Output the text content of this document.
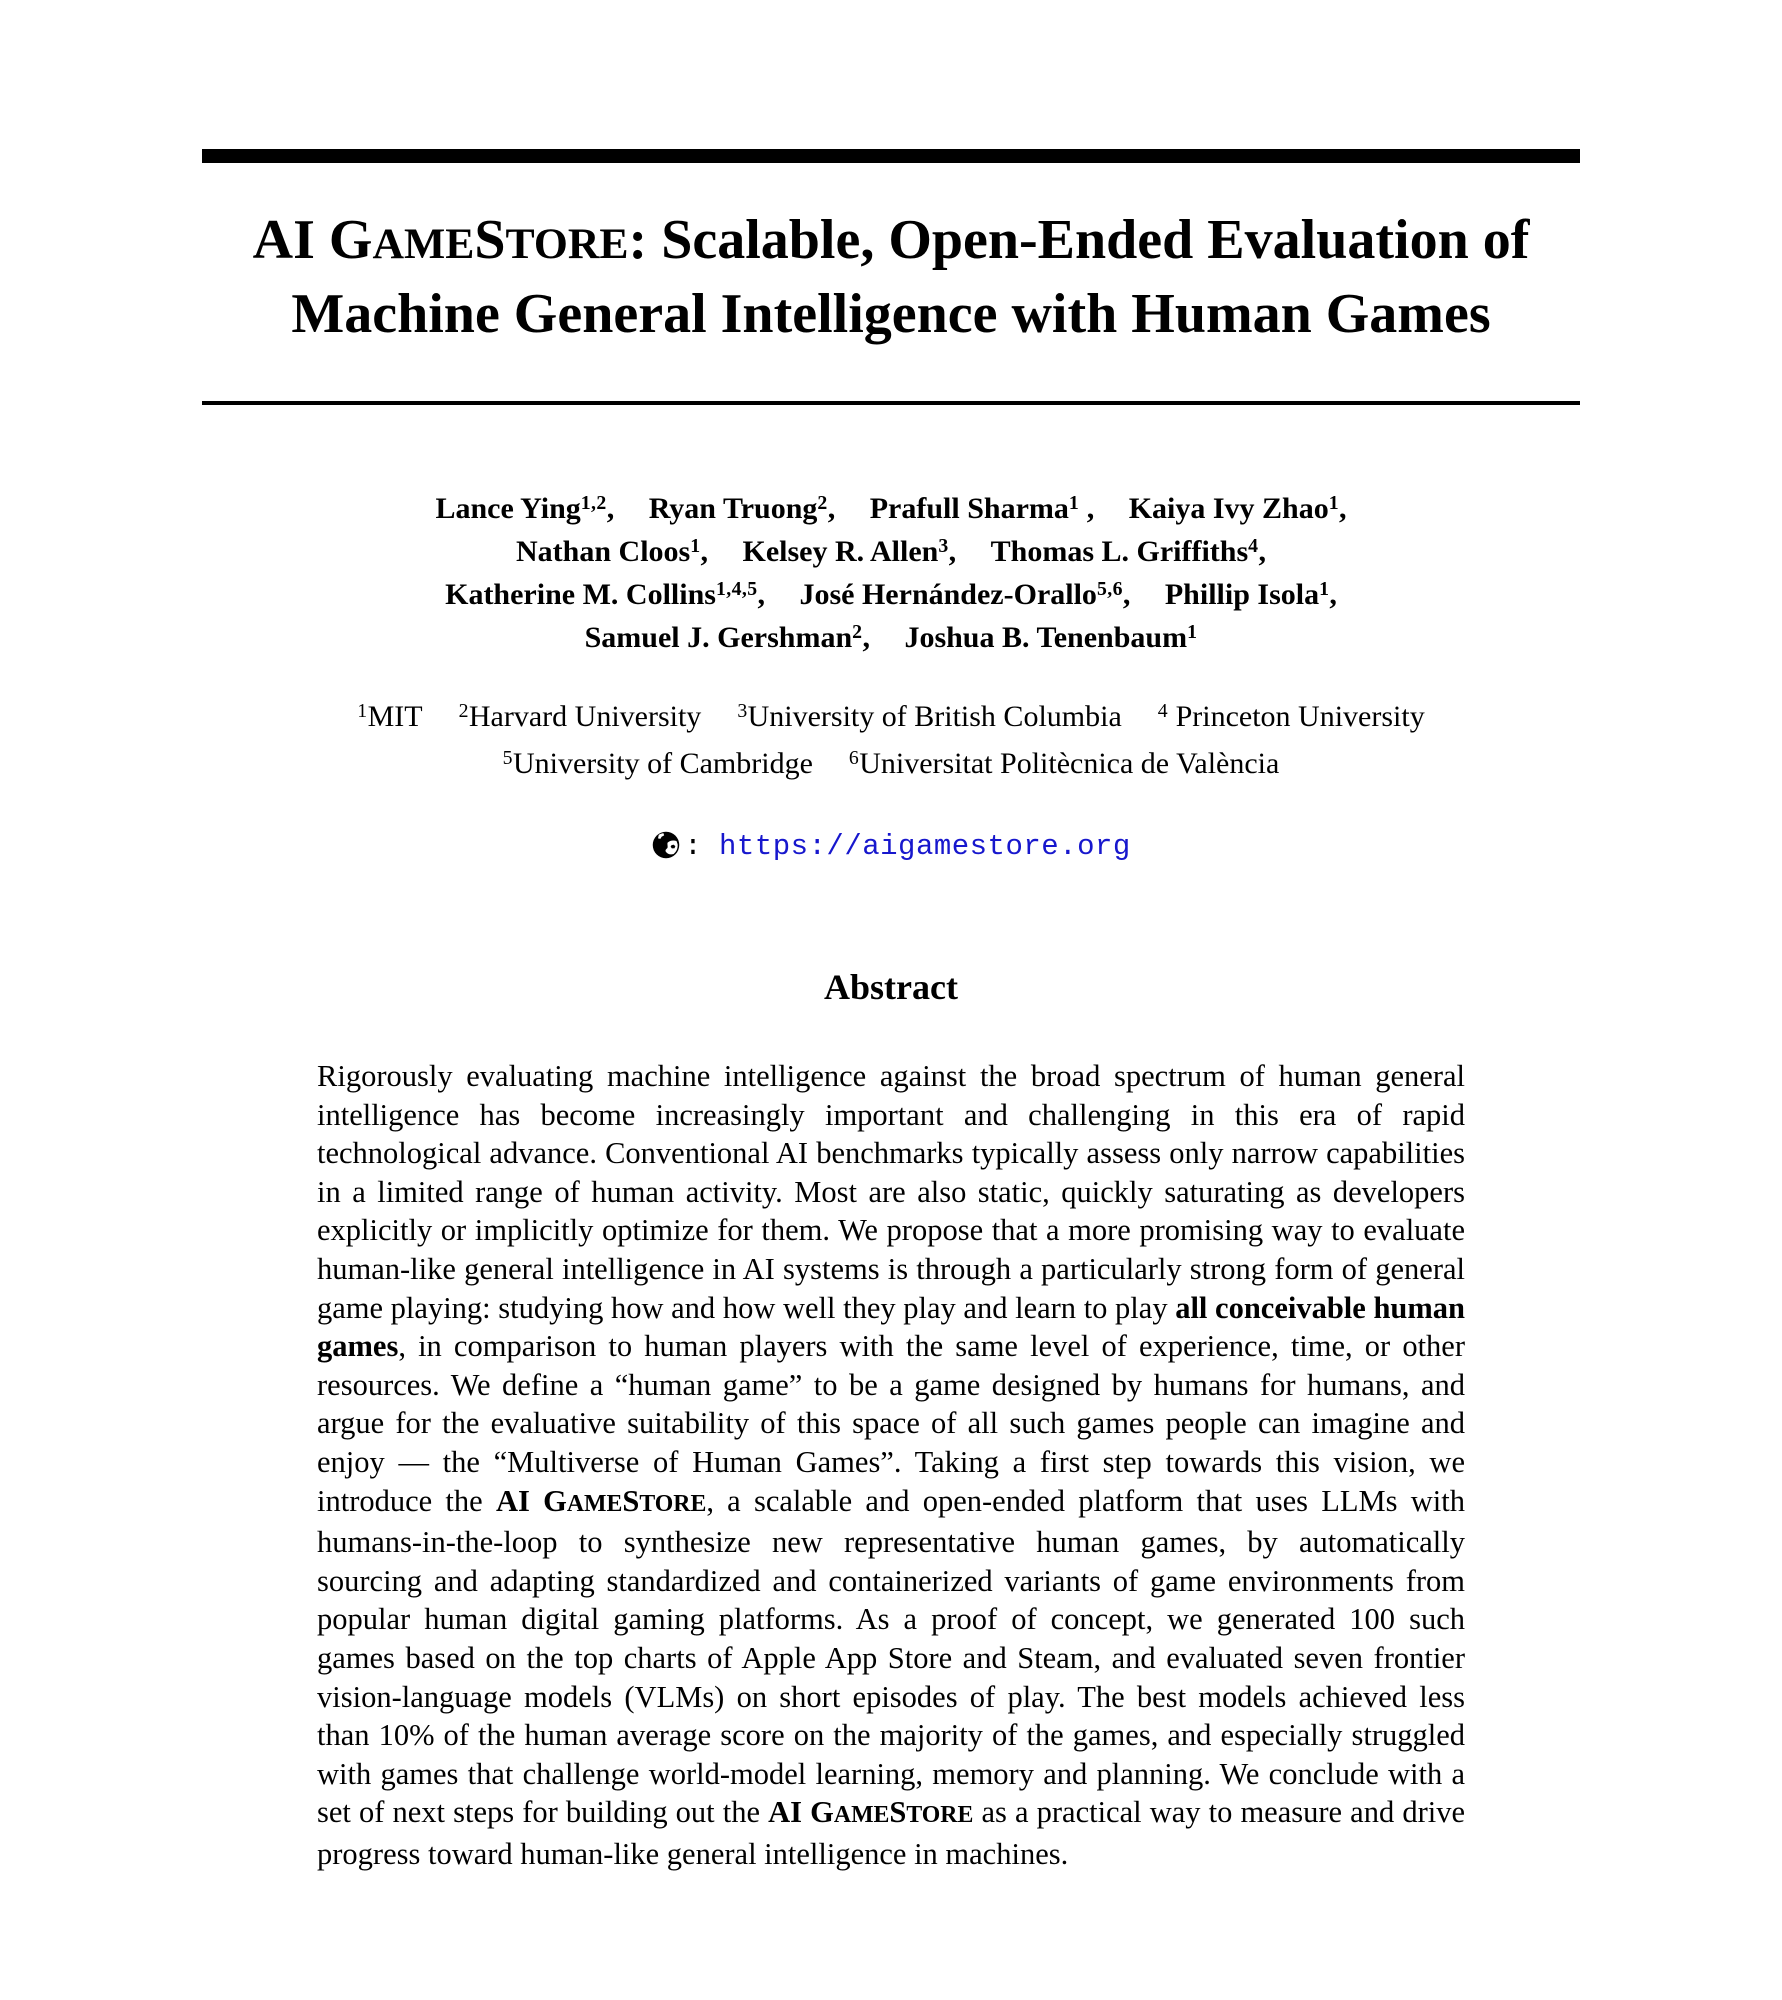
AI GAMESTORE: Scalable, Open-Ended Evaluation of
Machine General Intelligence with Human Games
Lance Ying$^{1,2}$, Ryan Truong$^2$, Prafull Sharma$^1$ , Kaiya Ivy Zhao$^1$,
Nathan Cloos$^1$, Kelsey R. Allen$^3$, Thomas L. Griffiths$^4$,
Katherine M. Collins$^{1,4,5}$, José Hernández-Orallo$^{5,6}$, Phillip Isola$^1$,
Samuel J. Gershman$^2$, Joshua B. Tenenbaum$^1$
$^1$MIT $^2$Harvard University $^3$University of British Columbia $^4$ Princeton University
$^5$University of Cambridge $^6$Universitat Politècnica de València
: https://aigamestore.org
Abstract

Rigorously evaluating machine intelligence against the broad spectrum of human general intelligence has become increasingly important and challenging in this era of rapid technological advance. Conventional AI benchmarks typically assess only narrow capabilities in a limited range of human activity. Most are also static, quickly saturating as developers explicitly or implicitly optimize for them. We propose that a more promising way to evaluate human-like general intelligence in AI systems is through a particularly strong form of general game playing: studying how and how well they play and learn to play all conceivable human games, in comparison to human players with the same level of experience, time, or other resources. We define a “human game” to be a game designed by humans for humans, and argue for the evaluative suitability of this space of all such games people can imagine and enjoy — the “Multiverse of Human Games”. Taking a first step towards this vision, we introduce the AI GAMESTORE, a scalable and open-ended platform that uses LLMs with humans-in-the-loop to synthesize new representative human games, by automatically sourcing and adapting standardized and containerized variants of game environments from popular human digital gaming platforms. As a proof of concept, we generated 100 such games based on the top charts of Apple App Store and Steam, and evaluated seven frontier vision-language models (VLMs) on short episodes of play. The best models achieved less than 10% of the human average score on the majority of the games, and especially struggled with games that challenge world-model learning, memory and planning. We conclude with a set of next steps for building out the AI GAMESTORE as a practical way to measure and drive progress toward human-like general intelligence in machines.
